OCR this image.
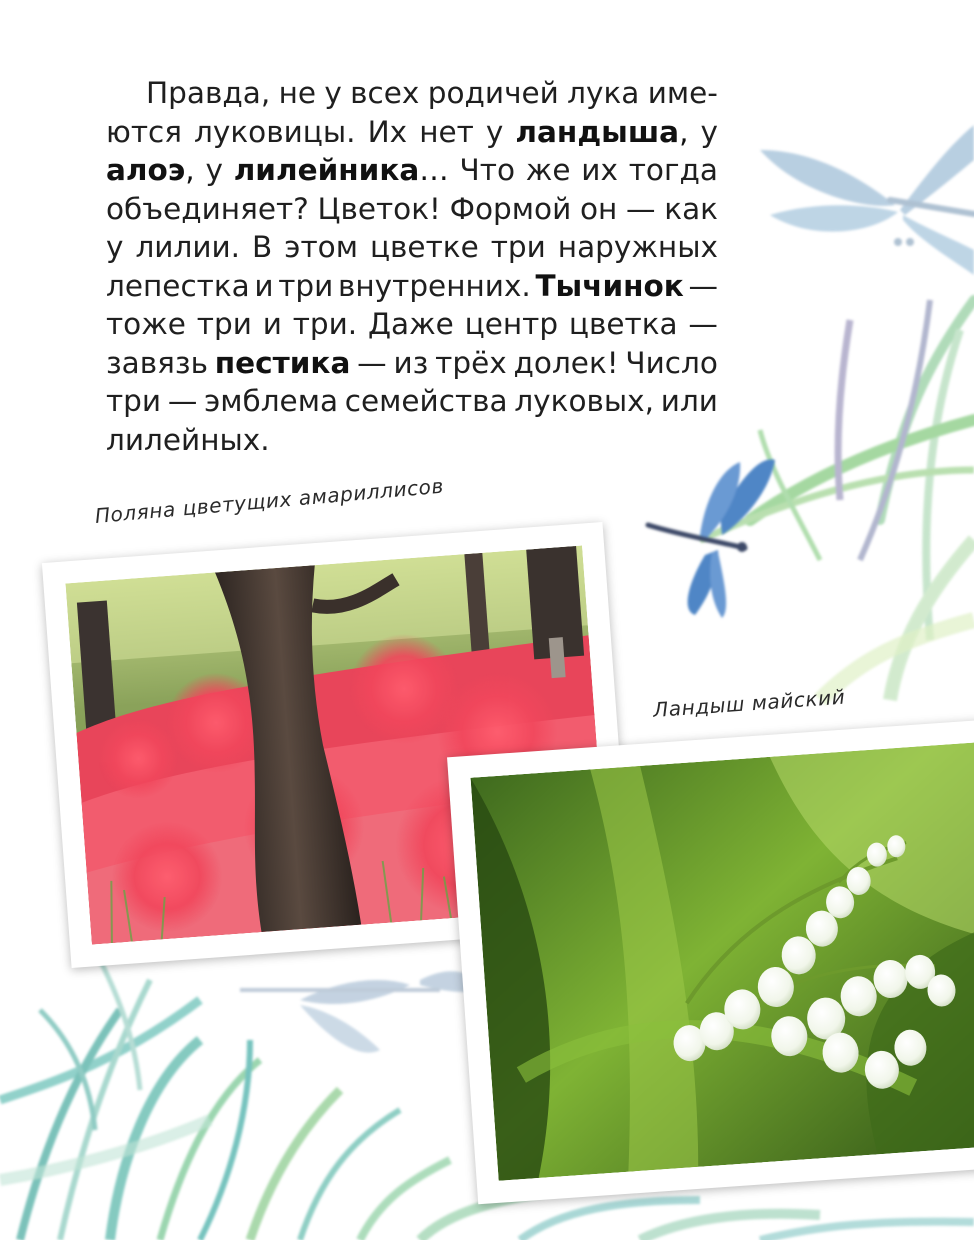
Правда, не у всех родичей лука име-
ются луковицы. Их нет у ландыша, у
алоэ, у лилейника… Что же их тогда
объединяет? Цветок! Формой он — как
у лилии. В этом цветке три наружных
лепестка и три внутренних. Тычинок —
тоже три и три. Даже центр цветка —
завязь пестика — из трёх долек! Число
три — эмблема семейства луковых, или
лилейных.
Поляна цветущих амариллисов
Ландыш майский
